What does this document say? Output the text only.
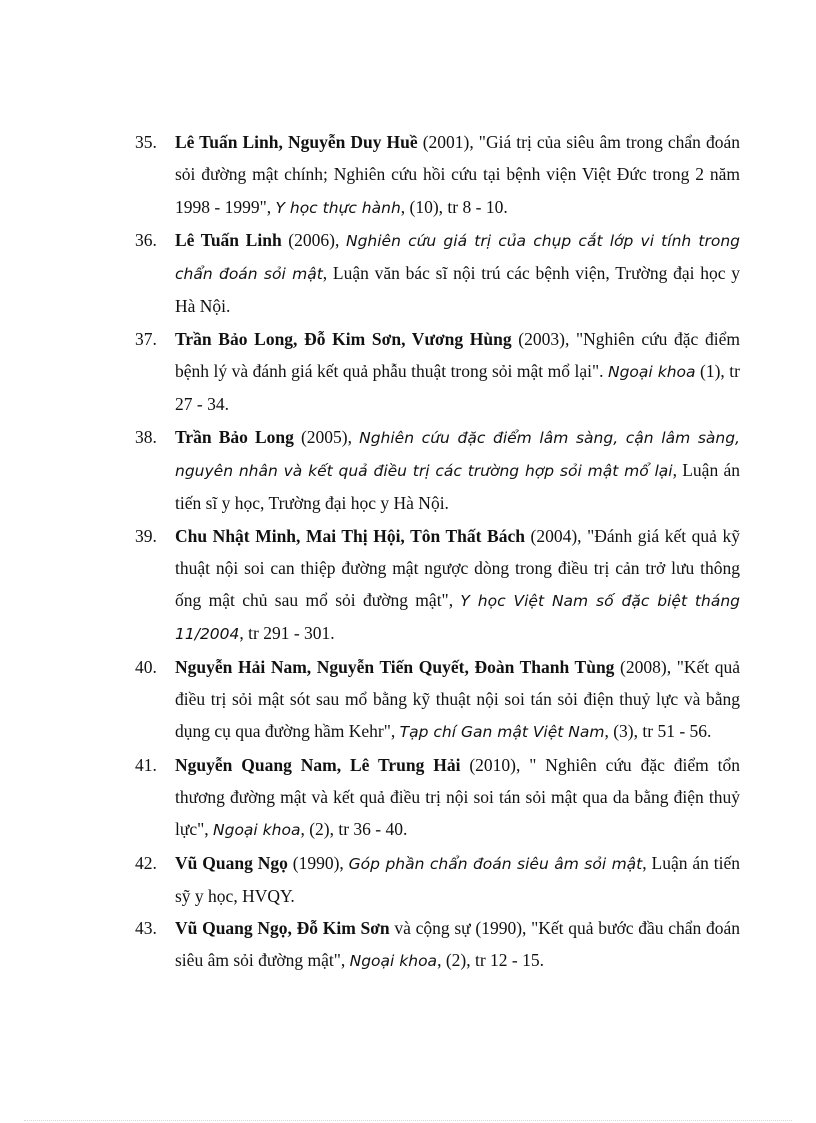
35. Lê Tuấn Linh, Nguyễn Duy Huề (2001), "Giá trị của siêu âm trong chẩn đoán sỏi đường mật chính; Nghiên cứu hồi cứu tại bệnh viện Việt Đức trong 2 năm 1998 - 1999", Y học thực hành, (10), tr 8 - 10.

36. Lê Tuấn Linh (2006), Nghiên cứu giá trị của chụp cắt lớp vi tính trong chẩn đoán sỏi mật, Luận văn bác sĩ nội trú các bệnh viện, Trường đại học y Hà Nội.

37. Trần Bảo Long, Đỗ Kim Sơn, Vương Hùng (2003), "Nghiên cứu đặc điểm bệnh lý và đánh giá kết quả phẫu thuật trong sỏi mật mổ lại". Ngoại khoa (1), tr 27 - 34.

38. Trần Bảo Long (2005), Nghiên cứu đặc điểm lâm sàng, cận lâm sàng, nguyên nhân và kết quả điều trị các trường hợp sỏi mật mổ lại, Luận án tiến sĩ y học, Trường đại học y Hà Nội.

39. Chu Nhật Minh, Mai Thị Hội, Tôn Thất Bách (2004), "Đánh giá kết quả kỹ thuật nội soi can thiệp đường mật ngược dòng trong điều trị cản trở lưu thông ống mật chủ sau mổ sỏi đường mật", Y học Việt Nam số đặc biệt tháng 11/2004, tr 291 - 301.

40. Nguyễn Hải Nam, Nguyễn Tiến Quyết, Đoàn Thanh Tùng (2008), "Kết quả điều trị sỏi mật sót sau mổ bằng kỹ thuật nội soi tán sỏi điện thuỷ lực và bằng dụng cụ qua đường hầm Kehr", Tạp chí Gan mật Việt Nam, (3), tr 51 - 56.

41. Nguyễn Quang Nam, Lê Trung Hải (2010), " Nghiên cứu đặc điểm tổn thương đường mật và kết quả điều trị nội soi tán sỏi mật qua da bằng điện thuỷ lực", Ngoại khoa, (2), tr 36 - 40.

42. Vũ Quang Ngọ (1990), Góp phần chẩn đoán siêu âm sỏi mật, Luận án tiến sỹ y học, HVQY.

43. Vũ Quang Ngọ, Đỗ Kim Sơn và cộng sự (1990), "Kết quả bước đầu chẩn đoán siêu âm sỏi đường mật", Ngoại khoa, (2), tr 12 - 15.
